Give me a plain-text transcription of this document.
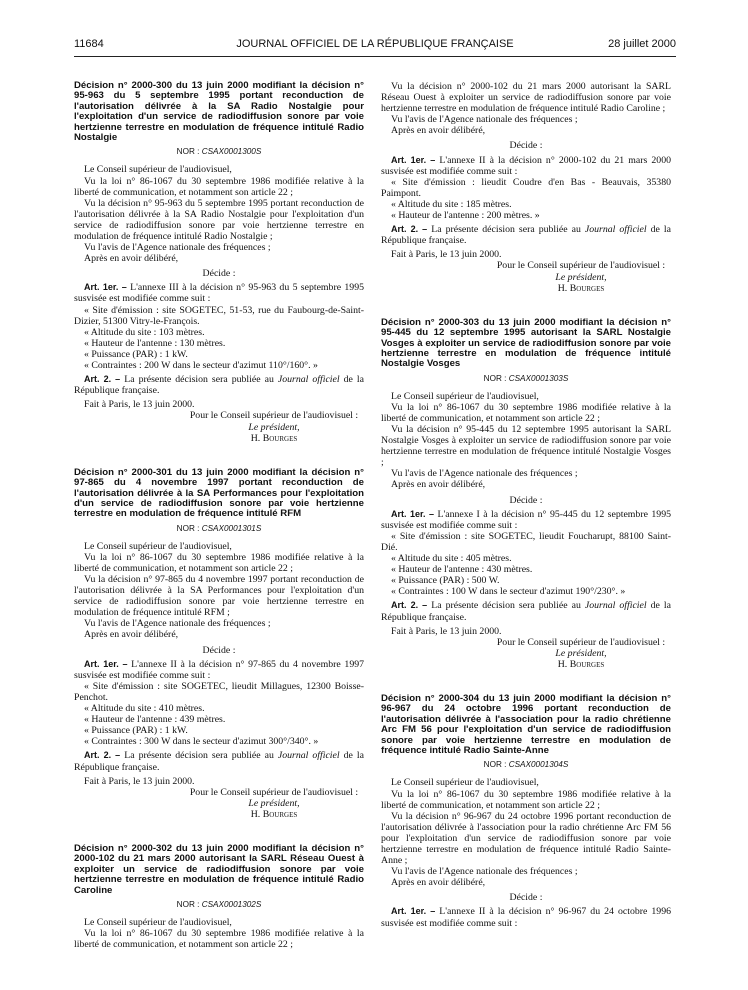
11684	JOURNAL OFFICIEL DE LA RÉPUBLIQUE FRANÇAISE	28 juillet 2000

Décision n° 2000-300 du 13 juin 2000 modifiant la décision n° 95-963 du 5 septembre 1995 portant reconduction de l'autorisation délivrée à la SA Radio Nostalgie pour l'exploitation d'un service de radiodiffusion sonore par voie hertzienne terrestre en modulation de fréquence intitulé Radio Nostalgie

NOR : CSAX0001300S

Le Conseil supérieur de l'audiovisuel,

Vu la loi n° 86-1067 du 30 septembre 1986 modifiée relative à la liberté de communication, et notamment son article 22 ;

Vu la décision n° 95-963 du 5 septembre 1995 portant reconduction de l'autorisation délivrée à la SA Radio Nostalgie pour l'exploitation d'un service de radiodiffusion sonore par voie hertzienne terrestre en modulation de fréquence intitulé Radio Nostalgie ;

Vu l'avis de l'Agence nationale des fréquences ;

Après en avoir délibéré,

Décide :

Art. 1er. – L'annexe III à la décision n° 95-963 du 5 septembre 1995 susvisée est modifiée comme suit :

« Site d'émission : site SOGETEC, 51-53, rue du Faubourg-de-Saint-Dizier, 51300 Vitry-le-François.

« Altitude du site : 103 mètres.

« Hauteur de l'antenne : 130 mètres.

« Puissance (PAR) : 1 kW.

« Contraintes : 200 W dans le secteur d'azimut 110°/160°. »

Art. 2. – La présente décision sera publiée au Journal officiel de la République française.

Fait à Paris, le 13 juin 2000.

Pour le Conseil supérieur de l'audiovisuel :
Le président,
H. Bourges

Décision n° 2000-301 du 13 juin 2000 modifiant la décision n° 97-865 du 4 novembre 1997 portant reconduction de l'autorisation délivrée à la SA Performances pour l'exploitation d'un service de radiodiffusion sonore par voie hertzienne terrestre en modulation de fréquence intitulé RFM

NOR : CSAX0001301S

Le Conseil supérieur de l'audiovisuel,

Vu la loi n° 86-1067 du 30 septembre 1986 modifiée relative à la liberté de communication, et notamment son article 22 ;

Vu la décision n° 97-865 du 4 novembre 1997 portant reconduction de l'autorisation délivrée à la SA Performances pour l'exploitation d'un service de radiodiffusion sonore par voie hertzienne terrestre en modulation de fréquence intitulé RFM ;

Vu l'avis de l'Agence nationale des fréquences ;

Après en avoir délibéré,

Décide :

Art. 1er. – L'annexe II à la décision n° 97-865 du 4 novembre 1997 susvisée est modifiée comme suit :

« Site d'émission : site SOGETEC, lieudit Millagues, 12300 Boisse-Penchot.

« Altitude du site : 410 mètres.

« Hauteur de l'antenne : 439 mètres.

« Puissance (PAR) : 1 kW.

« Contraintes : 300 W dans le secteur d'azimut 300°/340°. »

Art. 2. – La présente décision sera publiée au Journal officiel de la République française.

Fait à Paris, le 13 juin 2000.

Pour le Conseil supérieur de l'audiovisuel :
Le président,
H. Bourges

Décision n° 2000-302 du 13 juin 2000 modifiant la décision n° 2000-102 du 21 mars 2000 autorisant la SARL Réseau Ouest à exploiter un service de radiodiffusion sonore par voie hertzienne terrestre en modulation de fréquence intitulé Radio Caroline

NOR : CSAX0001302S

Le Conseil supérieur de l'audiovisuel,

Vu la loi n° 86-1067 du 30 septembre 1986 modifiée relative à la liberté de communication, et notamment son article 22 ;

Vu la décision n° 2000-102 du 21 mars 2000 autorisant la SARL Réseau Ouest à exploiter un service de radiodiffusion sonore par voie hertzienne terrestre en modulation de fréquence intitulé Radio Caroline ;

Vu l'avis de l'Agence nationale des fréquences ;

Après en avoir délibéré,

Décide :

Art. 1er. – L'annexe II à la décision n° 2000-102 du 21 mars 2000 susvisée est modifiée comme suit :

« Site d'émission : lieudit Coudre d'en Bas - Beauvais, 35380 Paimpont.

« Altitude du site : 185 mètres.

« Hauteur de l'antenne : 200 mètres. »

Art. 2. – La présente décision sera publiée au Journal officiel de la République française.

Fait à Paris, le 13 juin 2000.

Pour le Conseil supérieur de l'audiovisuel :
Le président,
H. Bourges

Décision n° 2000-303 du 13 juin 2000 modifiant la décision n° 95-445 du 12 septembre 1995 autorisant la SARL Nostalgie Vosges à exploiter un service de radiodiffusion sonore par voie hertzienne terrestre en modulation de fréquence intitulé Nostalgie Vosges

NOR : CSAX0001303S

Le Conseil supérieur de l'audiovisuel,

Vu la loi n° 86-1067 du 30 septembre 1986 modifiée relative à la liberté de communication, et notamment son article 22 ;

Vu la décision n° 95-445 du 12 septembre 1995 autorisant la SARL Nostalgie Vosges à exploiter un service de radiodiffusion sonore par voie hertzienne terrestre en modulation de fréquence intitulé Nostalgie Vosges ;

Vu l'avis de l'Agence nationale des fréquences ;

Après en avoir délibéré,

Décide :

Art. 1er. – L'annexe I à la décision n° 95-445 du 12 septembre 1995 susvisée est modifiée comme suit :

« Site d'émission : site SOGETEC, lieudit Foucharupt, 88100 Saint-Dié.

« Altitude du site : 405 mètres.

« Hauteur de l'antenne : 430 mètres.

« Puissance (PAR) : 500 W.

« Contraintes : 100 W dans le secteur d'azimut 190°/230°. »

Art. 2. – La présente décision sera publiée au Journal officiel de la République française.

Fait à Paris, le 13 juin 2000.

Pour le Conseil supérieur de l'audiovisuel :
Le président,
H. Bourges

Décision n° 2000-304 du 13 juin 2000 modifiant la décision n° 96-967 du 24 octobre 1996 portant reconduction de l'autorisation délivrée à l'association pour la radio chrétienne Arc FM 56 pour l'exploitation d'un service de radiodiffusion sonore par voie hertzienne terrestre en modulation de fréquence intitulé Radio Sainte-Anne

NOR : CSAX0001304S

Le Conseil supérieur de l'audiovisuel,

Vu la loi n° 86-1067 du 30 septembre 1986 modifiée relative à la liberté de communication, et notamment son article 22 ;

Vu la décision n° 96-967 du 24 octobre 1996 portant reconduction de l'autorisation délivrée à l'association pour la radio chrétienne Arc FM 56 pour l'exploitation d'un service de radiodiffusion sonore par voie hertzienne terrestre en modulation de fréquence intitulé Radio Sainte-Anne ;

Vu l'avis de l'Agence nationale des fréquences ;

Après en avoir délibéré,

Décide :

Art. 1er. – L'annexe II à la décision n° 96-967 du 24 octobre 1996 susvisée est modifiée comme suit :
